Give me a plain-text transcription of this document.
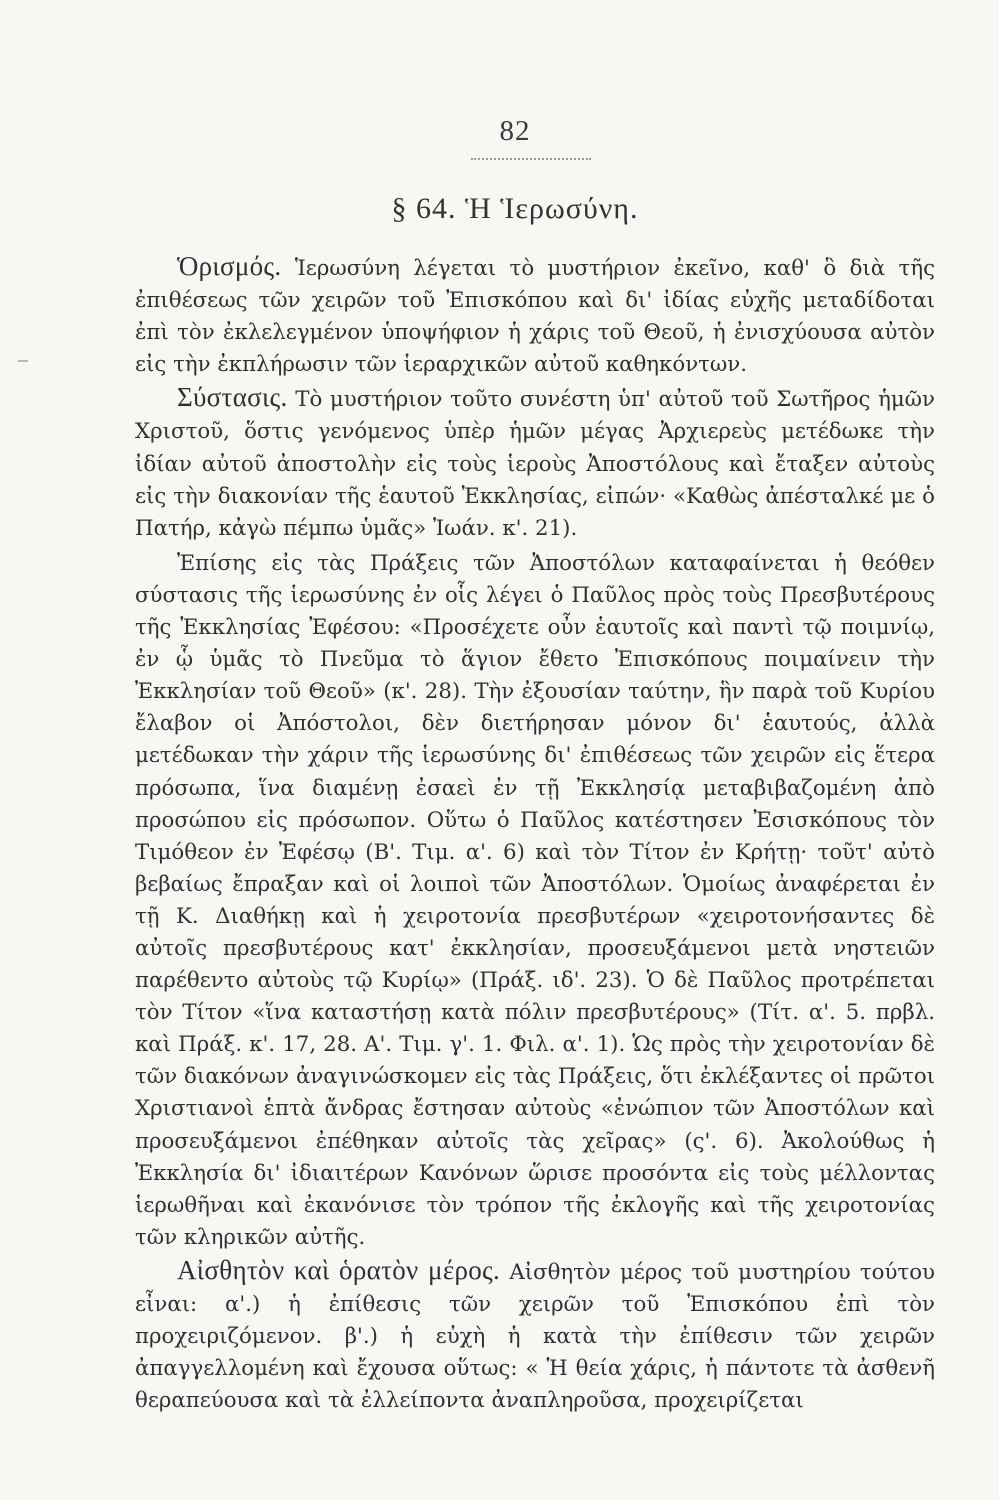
82
§ 64. Ἡ Ἱερωσύνη.

Ὁρισμός. Ἱερωσύνη λέγεται τὸ μυστήριον ἐκεῖνο, καθ' ὃ διὰ τῆς ἐπιθέσεως τῶν χειρῶν τοῦ Ἐπισκόπου καὶ δι' ἰδίας εὐχῆς μεταδίδοται ἐπὶ τὸν ἐκλελεγμένον ὑποψήφιον ἡ χάρις τοῦ Θεοῦ, ἡ ἐνισχύουσα αὐτὸν εἰς τὴν ἐκπλήρωσιν τῶν ἱεραρχικῶν αὐτοῦ καθηκόντων.

Σύστασις. Τὸ μυστήριον τοῦτο συνέστη ὑπ' αὐτοῦ τοῦ Σωτῆρος ἡμῶν Χριστοῦ, ὅστις γενόμενος ὑπὲρ ἡμῶν μέγας Ἀρχιερεὺς μετέδωκε τὴν ἰδίαν αὐτοῦ ἀποστολὴν εἰς τοὺς ἱεροὺς Ἀποστόλους καὶ ἔταξεν αὐτοὺς εἰς τὴν διακονίαν τῆς ἑαυτοῦ Ἐκκλησίας, εἰπών· «Καθὼς ἀπέσταλκέ με ὁ Πατήρ, κἀγὼ πέμπω ὑμᾶς» Ἰωάν. κ'. 21).

Ἐπίσης εἰς τὰς Πράξεις τῶν Ἀποστόλων καταφαίνεται ἡ θεόθεν σύστασις τῆς ἱερωσύνης ἐν οἷς λέγει ὁ Παῦλος πρὸς τοὺς Πρεσβυτέρους τῆς Ἐκκλησίας Ἐφέσου: «Προσέχετε οὖν ἑαυτοῖς καὶ παντὶ τῷ ποιμνίῳ, ἐν ᾧ ὑμᾶς τὸ Πνεῦμα τὸ ἅγιον ἔθετο Ἐπισκόπους ποιμαίνειν τὴν Ἐκκλησίαν τοῦ Θεοῦ» (κ'. 28). Τὴν ἐξουσίαν ταύτην, ἣν παρὰ τοῦ Κυρίου ἔλαβον οἱ Ἀπόστολοι, δὲν διετήρησαν μόνον δι' ἑαυτούς, ἀλλὰ μετέδωκαν τὴν χάριν τῆς ἱερωσύνης δι' ἐπιθέσεως τῶν χειρῶν εἰς ἕτερα πρόσωπα, ἵνα διαμένῃ ἐσαεὶ ἐν τῇ Ἐκκλησίᾳ μεταβιβαζομένη ἀπὸ προσώπου εἰς πρόσωπον. Οὕτω ὁ Παῦλος κατέστησεν Ἐσισκόπους τὸν Τιμόθεον ἐν Ἐφέσῳ (Β'. Τιμ. α'. 6) καὶ τὸν Τίτον ἐν Κρήτῃ· τοῦτ' αὐτὸ βεβαίως ἔπραξαν καὶ οἱ λοιποὶ τῶν Ἀποστόλων. Ὁμοίως ἀναφέρεται ἐν τῇ Κ. Διαθήκῃ καὶ ἡ χειροτονία πρεσβυτέρων «χειροτονήσαντες δὲ αὐτοῖς πρεσβυτέρους κατ' ἐκκλησίαν, προσευξάμενοι μετὰ νηστειῶν παρέθεντο αὐτοὺς τῷ Κυρίῳ» (Πράξ. ιδ'. 23). Ὁ δὲ Παῦλος προτρέπεται τὸν Τίτον «ἵνα καταστήσῃ κατὰ πόλιν πρεσβυτέρους» (Τίτ. α'. 5. πρβλ. καὶ Πράξ. κ'. 17, 28. Α'. Τιμ. γ'. 1. Φιλ. α'. 1). Ὡς πρὸς τὴν χειροτονίαν δὲ τῶν διακόνων ἀναγινώσκομεν εἰς τὰς Πράξεις, ὅτι ἐκλέξαντες οἱ πρῶτοι Χριστιανοὶ ἑπτὰ ἄνδρας ἔστησαν αὐτοὺς «ἐνώπιον τῶν Ἀποστόλων καὶ προσευξάμενοι ἐπέθηκαν αὐτοῖς τὰς χεῖρας» (ς'. 6). Ἀκολούθως ἡ Ἐκκλησία δι' ἰδιαιτέρων Κανόνων ὥρισε προσόντα εἰς τοὺς μέλλοντας ἱερωθῆναι καὶ ἐκανόνισε τὸν τρόπον τῆς ἐκλογῆς καὶ τῆς χειροτονίας τῶν κληρικῶν αὐτῆς.

Αἰσθητὸν καὶ ὁρατὸν μέρος. Αἰσθητὸν μέρος τοῦ μυστηρίου τούτου εἶναι: α'.) ἡ ἐπίθεσις τῶν χειρῶν τοῦ Ἐπισκόπου ἐπὶ τὸν προχειριζόμενον. β'.) ἡ εὐχὴ ἡ κατὰ τὴν ἐπίθεσιν τῶν χειρῶν ἀπαγγελλομένη καὶ ἔχουσα οὕτως: « Ἡ θεία χάρις, ἡ πάντοτε τὰ ἀσθενῆ θεραπεύουσα καὶ τὰ ἐλλείποντα ἀναπληροῦσα, προχειρίζεται
